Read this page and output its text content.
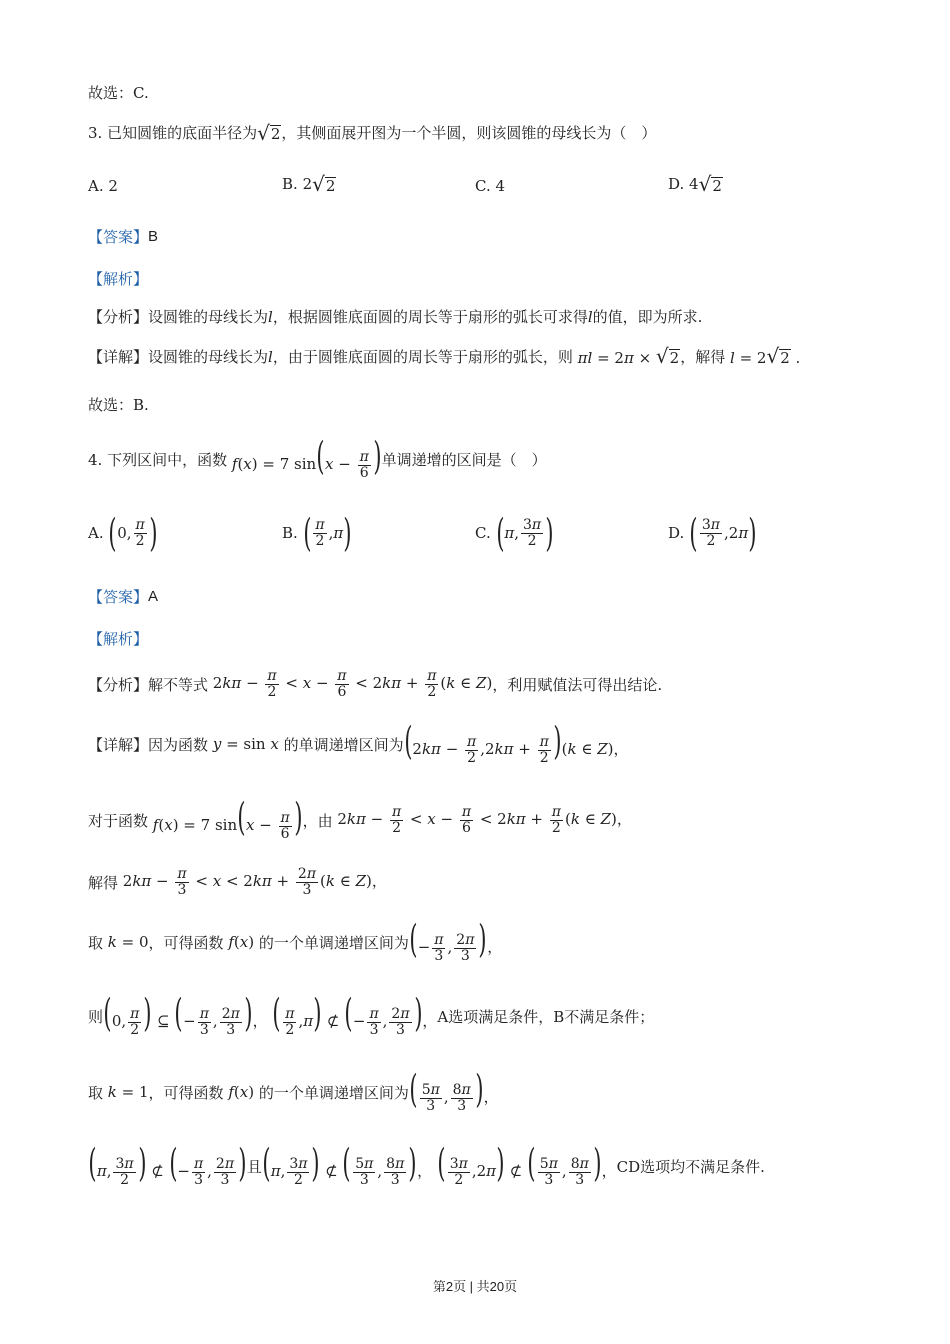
故选：C.
3. 已知圆锥的底面半径为 √ 2 ，其侧面展开图为一个半圆，则该圆锥的母线长为（　）
A.
2	B. 2 √ 2	C.
4	D. 4 √ 2
【答案】 B
【解析】
【分析】 设圆锥的母线长为 l ，根据圆锥底面圆的周长等于扇形的弧长可求得 l 的值，即为所求.
【详解】 设圆锥的母线长为 l ，由于圆锥底面圆的周长等于扇形的弧长，则 πl = 2π × √ 2 ，解得 l = 2 √ 2 .
故选：B.
4. 下列区间中，函数 f(x) = 7 $\sin(x - \frac{\pi}{6}$ ) 单调递增的区间是（　）
A.
( 0, $\frac{\pi}{2}$ )	B.
( $\frac{\pi}{2}$ , π )	C.
( π , $\frac{3\pi}{2}$ )	D.
( $\frac{3\pi}{2} ,2$ π )
【答案】 A
【解析】
【分析】 解不等式 $2k\pi - \frac{\pi}{2} < x - \frac{\pi}{6} < 2k\pi + \frac{\pi}{2} (k$ ∈ Z) ，利用赋值法可得出结论.
【详解】 因为函数 y = sin x 的单调递增区间为 $(2k\pi - \frac{\pi}{2} ,2k\pi + \frac{\pi}{2} )(k$ ∈ Z)，
对于函数 f(x) = 7 $\sin(x - \frac{\pi}{6}$ ) ，由 $2k\pi - \frac{\pi}{2} < x - \frac{\pi}{6} < 2k\pi + \frac{\pi}{2} (k$ ∈ Z)，
解得 $2k\pi - \frac{\pi}{3} < x < 2k\pi + \frac{2\pi}{3} (k$ ∈ Z)，
取 k = 0 ，可得函数 f(x) 的一个单调递增区间为 (− $\frac{\pi}{3}$ , $\frac{2\pi}{3}$ )，
则 (0, $\frac{\pi}{2}$ ) ⊆ (− $\frac{\pi}{3}$ , $\frac{2\pi}{3}$ )， ( $\frac{\pi}{2} ,\pi$) ⊄ (− $\frac{\pi}{3}$ , $\frac{2\pi}{3}$ )， A选项满足条件，B不满足条件；
取 k = 1 ，可得函数 f(x) 的一个单调递增区间为 ( $\frac{5\pi}{3}$ , $\frac{8\pi}{3}$ )，
(π, $\frac{3\pi}{2}$ ) ⊄ (− $\frac{\pi}{3}$ , $\frac{2\pi}{3}$ ) 且 (π, $\frac{3\pi}{2}$ ) ⊄ ( $\frac{5\pi}{3}$ , $\frac{8\pi}{3}$ )， ( $\frac{3\pi}{2} ,2\pi$) ⊄ ( $\frac{5\pi}{3}$ , $\frac{8\pi}{3}$ )， CD选项均不满足条件.
第2页 | 共20页
